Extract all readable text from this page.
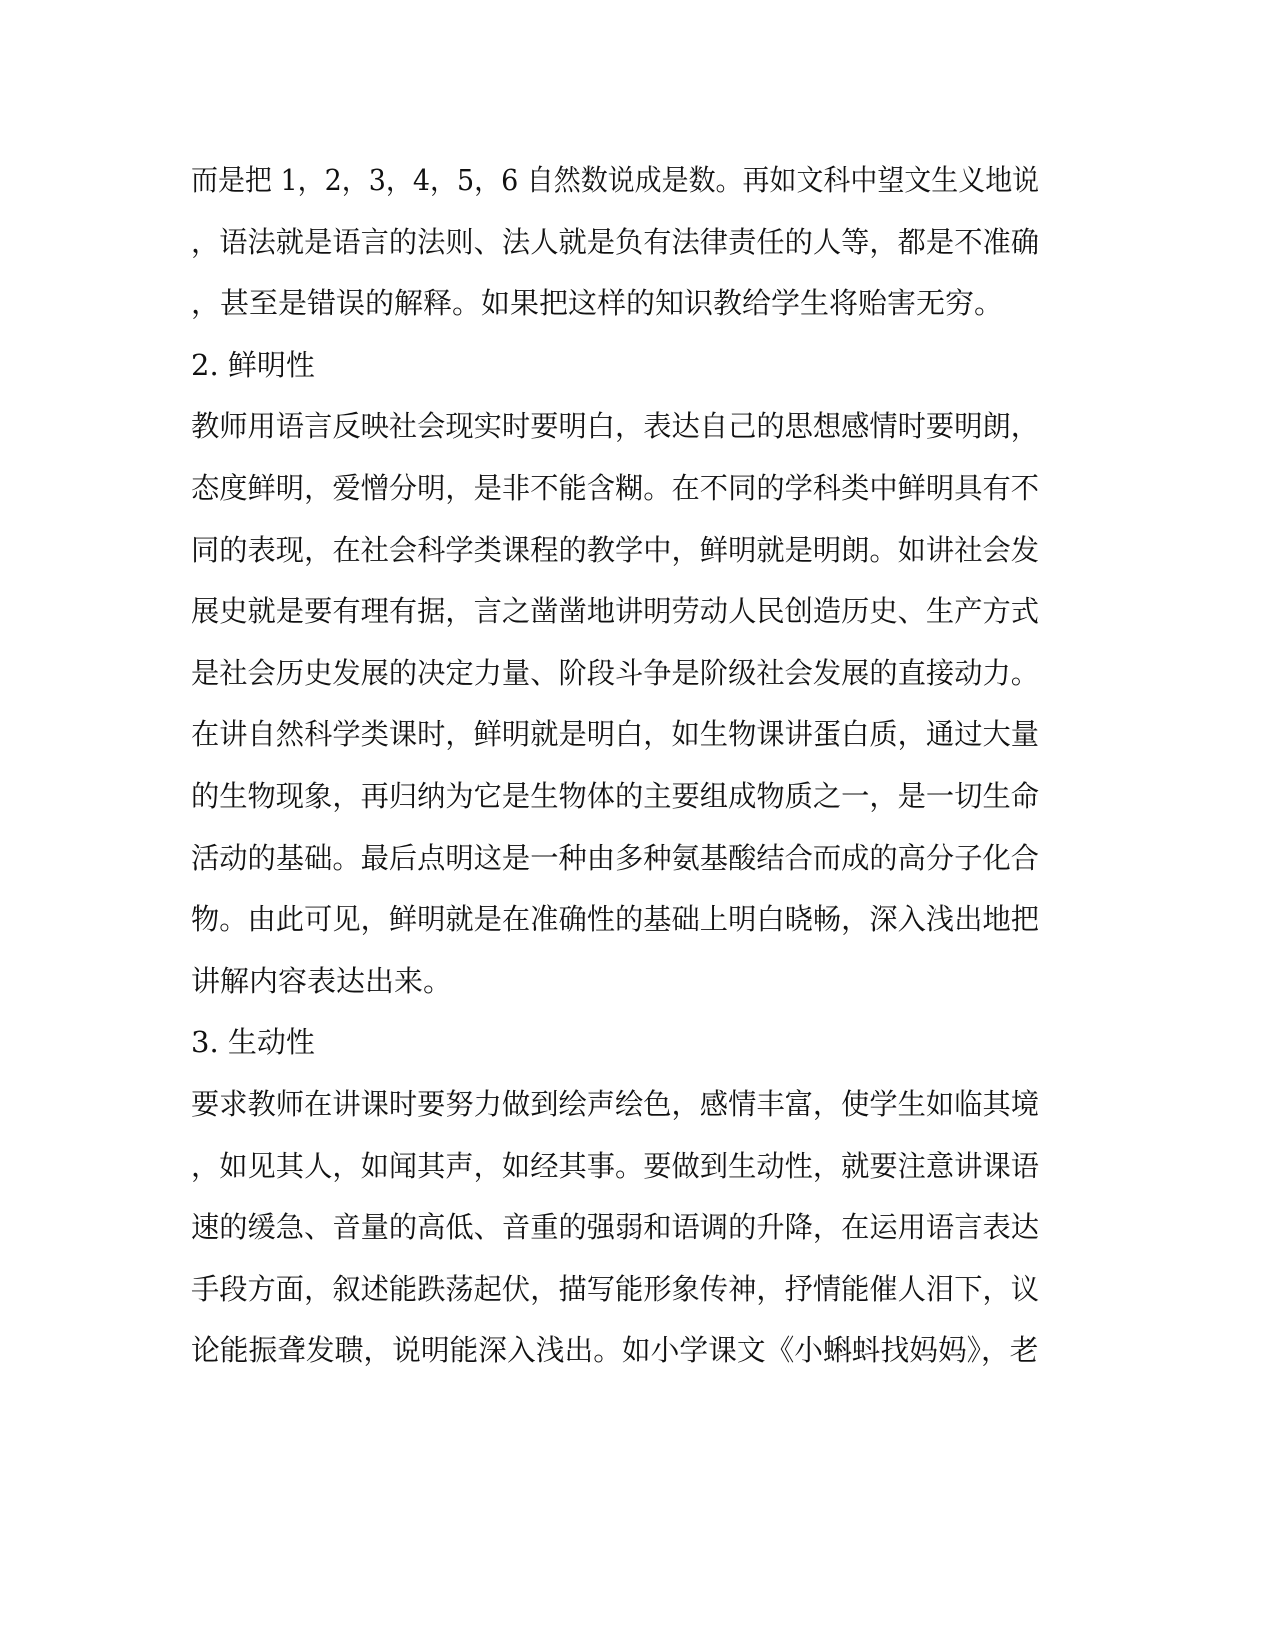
而是把 1，2，3，4，5，6 自然数说成是数。再如文科中望文生义地说

，语法就是语言的法则、法人就是负有法律责任的人等，都是不准确

，甚至是错误的解释。如果把这样的知识教给学生将贻害无穷。

2. 鲜明性

教师用语言反映社会现实时要明白，表达自己的思想感情时要明朗，

态度鲜明，爱憎分明，是非不能含糊。在不同的学科类中鲜明具有不

同的表现，在社会科学类课程的教学中，鲜明就是明朗。如讲社会发

展史就是要有理有据，言之凿凿地讲明劳动人民创造历史、生产方式

是社会历史发展的决定力量、阶段斗争是阶级社会发展的直接动力。

在讲自然科学类课时，鲜明就是明白，如生物课讲蛋白质，通过大量

的生物现象，再归纳为它是生物体的主要组成物质之一，是一切生命

活动的基础。最后点明这是一种由多种氨基酸结合而成的高分子化合

物。由此可见，鲜明就是在准确性的基础上明白晓畅，深入浅出地把

讲解内容表达出来。

3. 生动性

要求教师在讲课时要努力做到绘声绘色，感情丰富，使学生如临其境

，如见其人，如闻其声，如经其事。要做到生动性，就要注意讲课语

速的缓急、音量的高低、音重的强弱和语调的升降，在运用语言表达

手段方面，叙述能跌荡起伏，描写能形象传神，抒情能催人泪下，议

论能振聋发聩，说明能深入浅出。如小学课文《小蝌蚪找妈妈》，老
